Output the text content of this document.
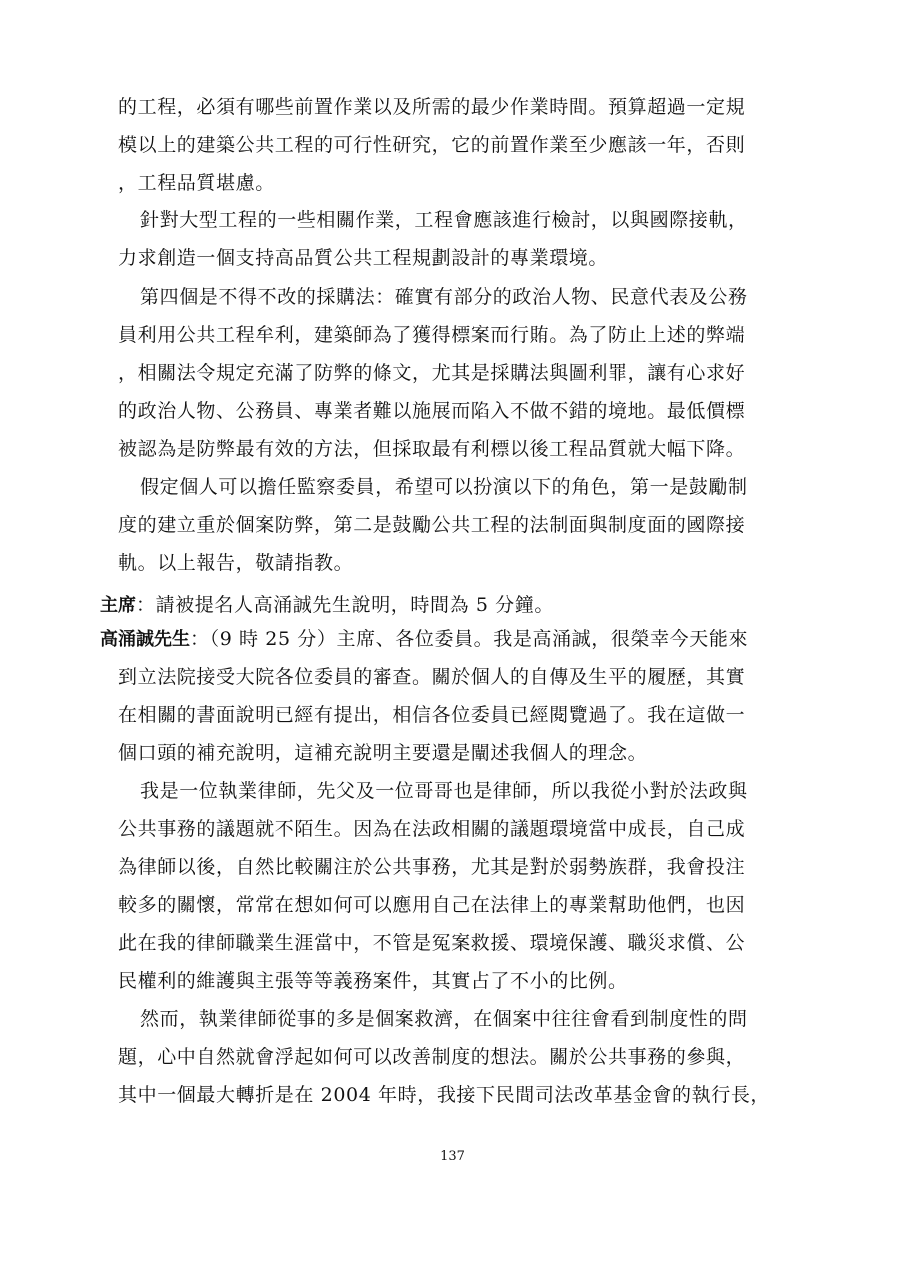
的工程，必須有哪些前置作業以及所需的最少作業時間。預算超過一定規
模以上的建築公共工程的可行性研究，它的前置作業至少應該一年，否則
，工程品質堪慮。
針對大型工程的一些相關作業，工程會應該進行檢討，以與國際接軌，
力求創造一個支持高品質公共工程規劃設計的專業環境。
第四個是不得不改的採購法：確實有部分的政治人物、民意代表及公務
員利用公共工程牟利，建築師為了獲得標案而行賄。為了防止上述的弊端
，相關法令規定充滿了防弊的條文，尤其是採購法與圖利罪，讓有心求好
的政治人物、公務員、專業者難以施展而陷入不做不錯的境地。最低價標
被認為是防弊最有效的方法，但採取最有利標以後工程品質就大幅下降。
假定個人可以擔任監察委員，希望可以扮演以下的角色，第一是鼓勵制
度的建立重於個案防弊，第二是鼓勵公共工程的法制面與制度面的國際接
軌。以上報告，敬請指教。
主席：請被提名人高涌誠先生說明，時間為 5 分鐘。
高涌誠先生：（9 時 25 分）主席、各位委員。我是高涌誠，很榮幸今天能來
到立法院接受大院各位委員的審查。關於個人的自傳及生平的履歷，其實
在相關的書面說明已經有提出，相信各位委員已經閱覽過了。我在這做一
個口頭的補充說明，這補充說明主要還是闡述我個人的理念。
我是一位執業律師，先父及一位哥哥也是律師，所以我從小對於法政與
公共事務的議題就不陌生。因為在法政相關的議題環境當中成長，自己成
為律師以後，自然比較關注於公共事務，尤其是對於弱勢族群，我會投注
較多的關懷，常常在想如何可以應用自己在法律上的專業幫助他們，也因
此在我的律師職業生涯當中，不管是冤案救援、環境保護、職災求償、公
民權利的維護與主張等等義務案件，其實占了不小的比例。
然而，執業律師從事的多是個案救濟，在個案中往往會看到制度性的問
題，心中自然就會浮起如何可以改善制度的想法。關於公共事務的參與，
其中一個最大轉折是在 2004 年時，我接下民間司法改革基金會的執行長，
137
